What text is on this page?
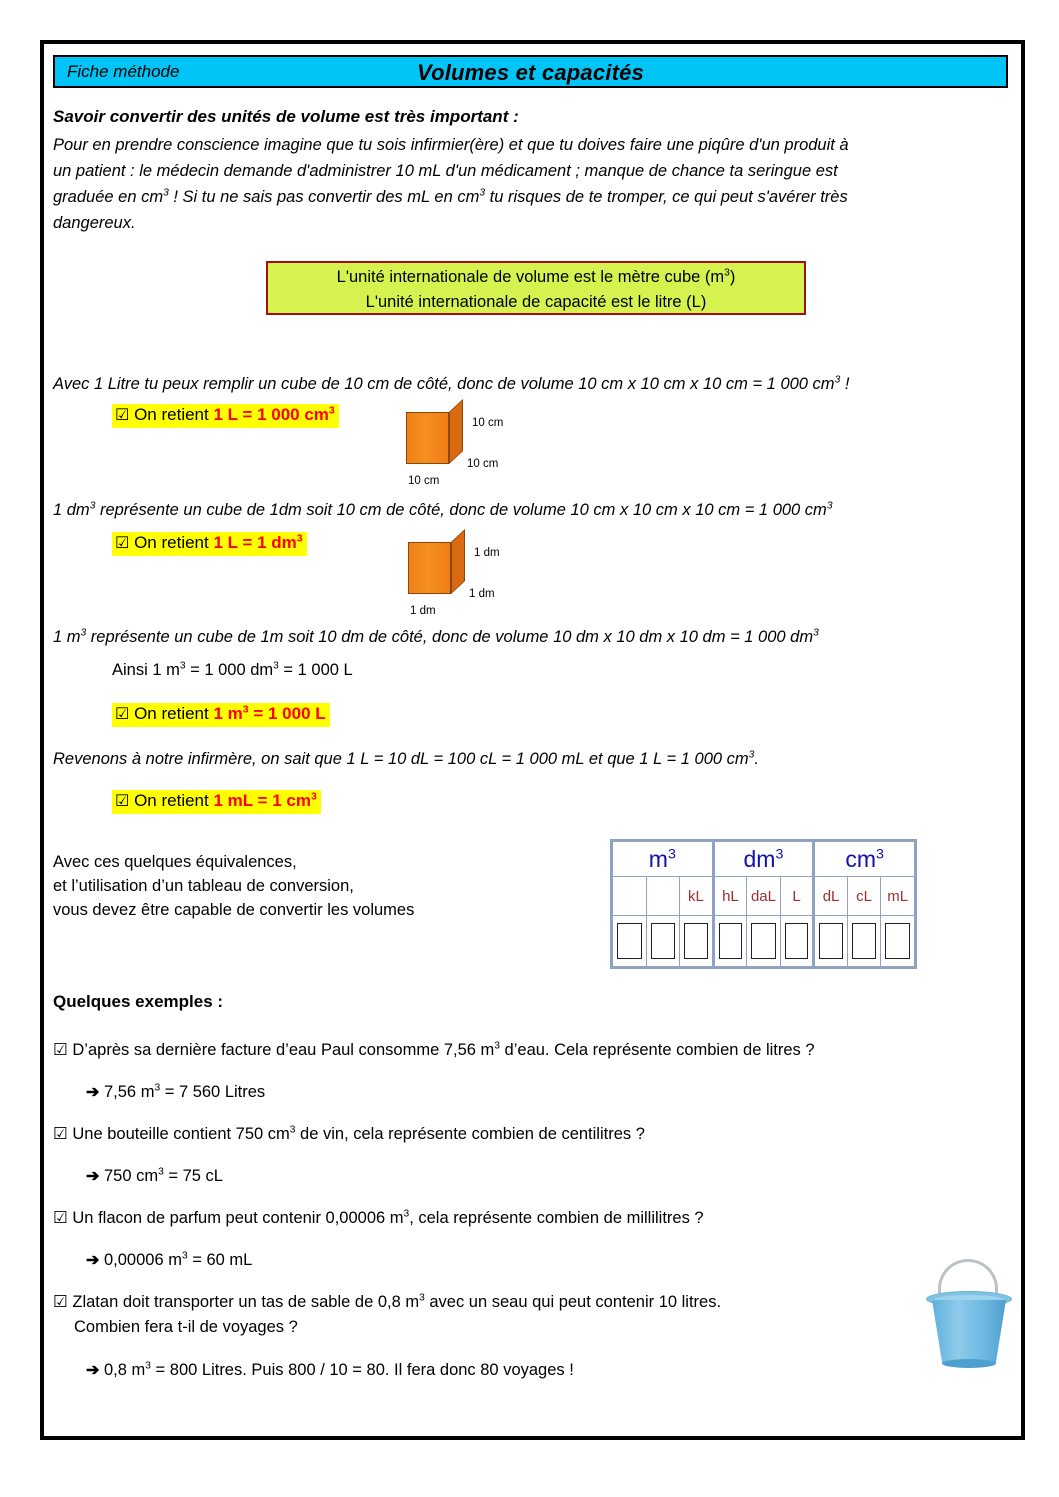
Fiche méthode	Volumes et capacités
Savoir convertir des unités de volume est très important :
Pour en prendre conscience imagine que tu sois infirmier(ère) et que tu doives faire une piqûre d'un produit à
un patient : le médecin demande d'administrer 10 mL d'un médicament ; manque de chance ta seringue est
graduée en $cm^3$ ! Si tu ne sais pas convertir des mL en $cm^3$ tu risques de te tromper, ce qui peut s'avérer très
dangereux.
L'unité internationale de volume est le mètre cube $(m^3)$
L'unité internationale de capacité est le litre (L)
Avec 1 Litre tu peux remplir un cube de 10 cm de côté, donc de volume 10 cm x 10 cm x 10 cm = 1 000 $cm^3$ !
☑ On retient 1 L = 1 000 $cm^3$
10 cm
10 cm
10 cm
1 $dm^3$ représente un cube de 1dm soit 10 cm de côté, donc de volume 10 cm x 10 cm x 10 cm = 1 000 $cm^3$
☑ On retient 1 L = 1 $dm^3$
1 dm
1 dm
1 dm
1 $m^3$ représente un cube de 1m soit 10 dm de côté, donc de volume 10 dm x 10 dm x 10 dm = 1 000 $dm^3$
Ainsi 1 $m^3 = 1$ 000 $dm^3 = 1$ 000 L
☑ On retient 1 $m^3 = 1$ 000 L
Revenons à notre infirmère, on sait que 1 L = 10 dL = 100 cL = 1 000 mL et que 1 L = 1 000 $cm^3$.
☑ On retient 1 mL = 1 $cm^3$
Avec ces quelques équivalences,
et l’utilisation d’un tableau de conversion,
vous devez être capable de convertir les volumes
$m^3$			$dm^3$			$cm^3$
		kL	hL	daL	L	dL	cL	mL

Quelques exemples :
☑ D’après sa dernière facture d’eau Paul consomme 7,56 $m^3$ d’eau. Cela représente combien de litres ?
➔ 7,56 $m^3 = 7$ 560 Litres
☑ Une bouteille contient 750 $cm^3$ de vin, cela représente combien de centilitres ?
➔ 750 $cm^3 = 75$ cL
☑ Un flacon de parfum peut contenir 0,00006 $m^3$, cela représente combien de millilitres ?
➔ 0,00006 $m^3 = 60$ mL
☑ Zlatan doit transporter un tas de sable de 0,8 $m^3$ avec un seau qui peut contenir 10 litres.
Combien fera t-il de voyages ?
➔ 0,8 $m^3 = 800$ Litres. Puis 800 / 10 = 80. Il fera donc 80 voyages !
